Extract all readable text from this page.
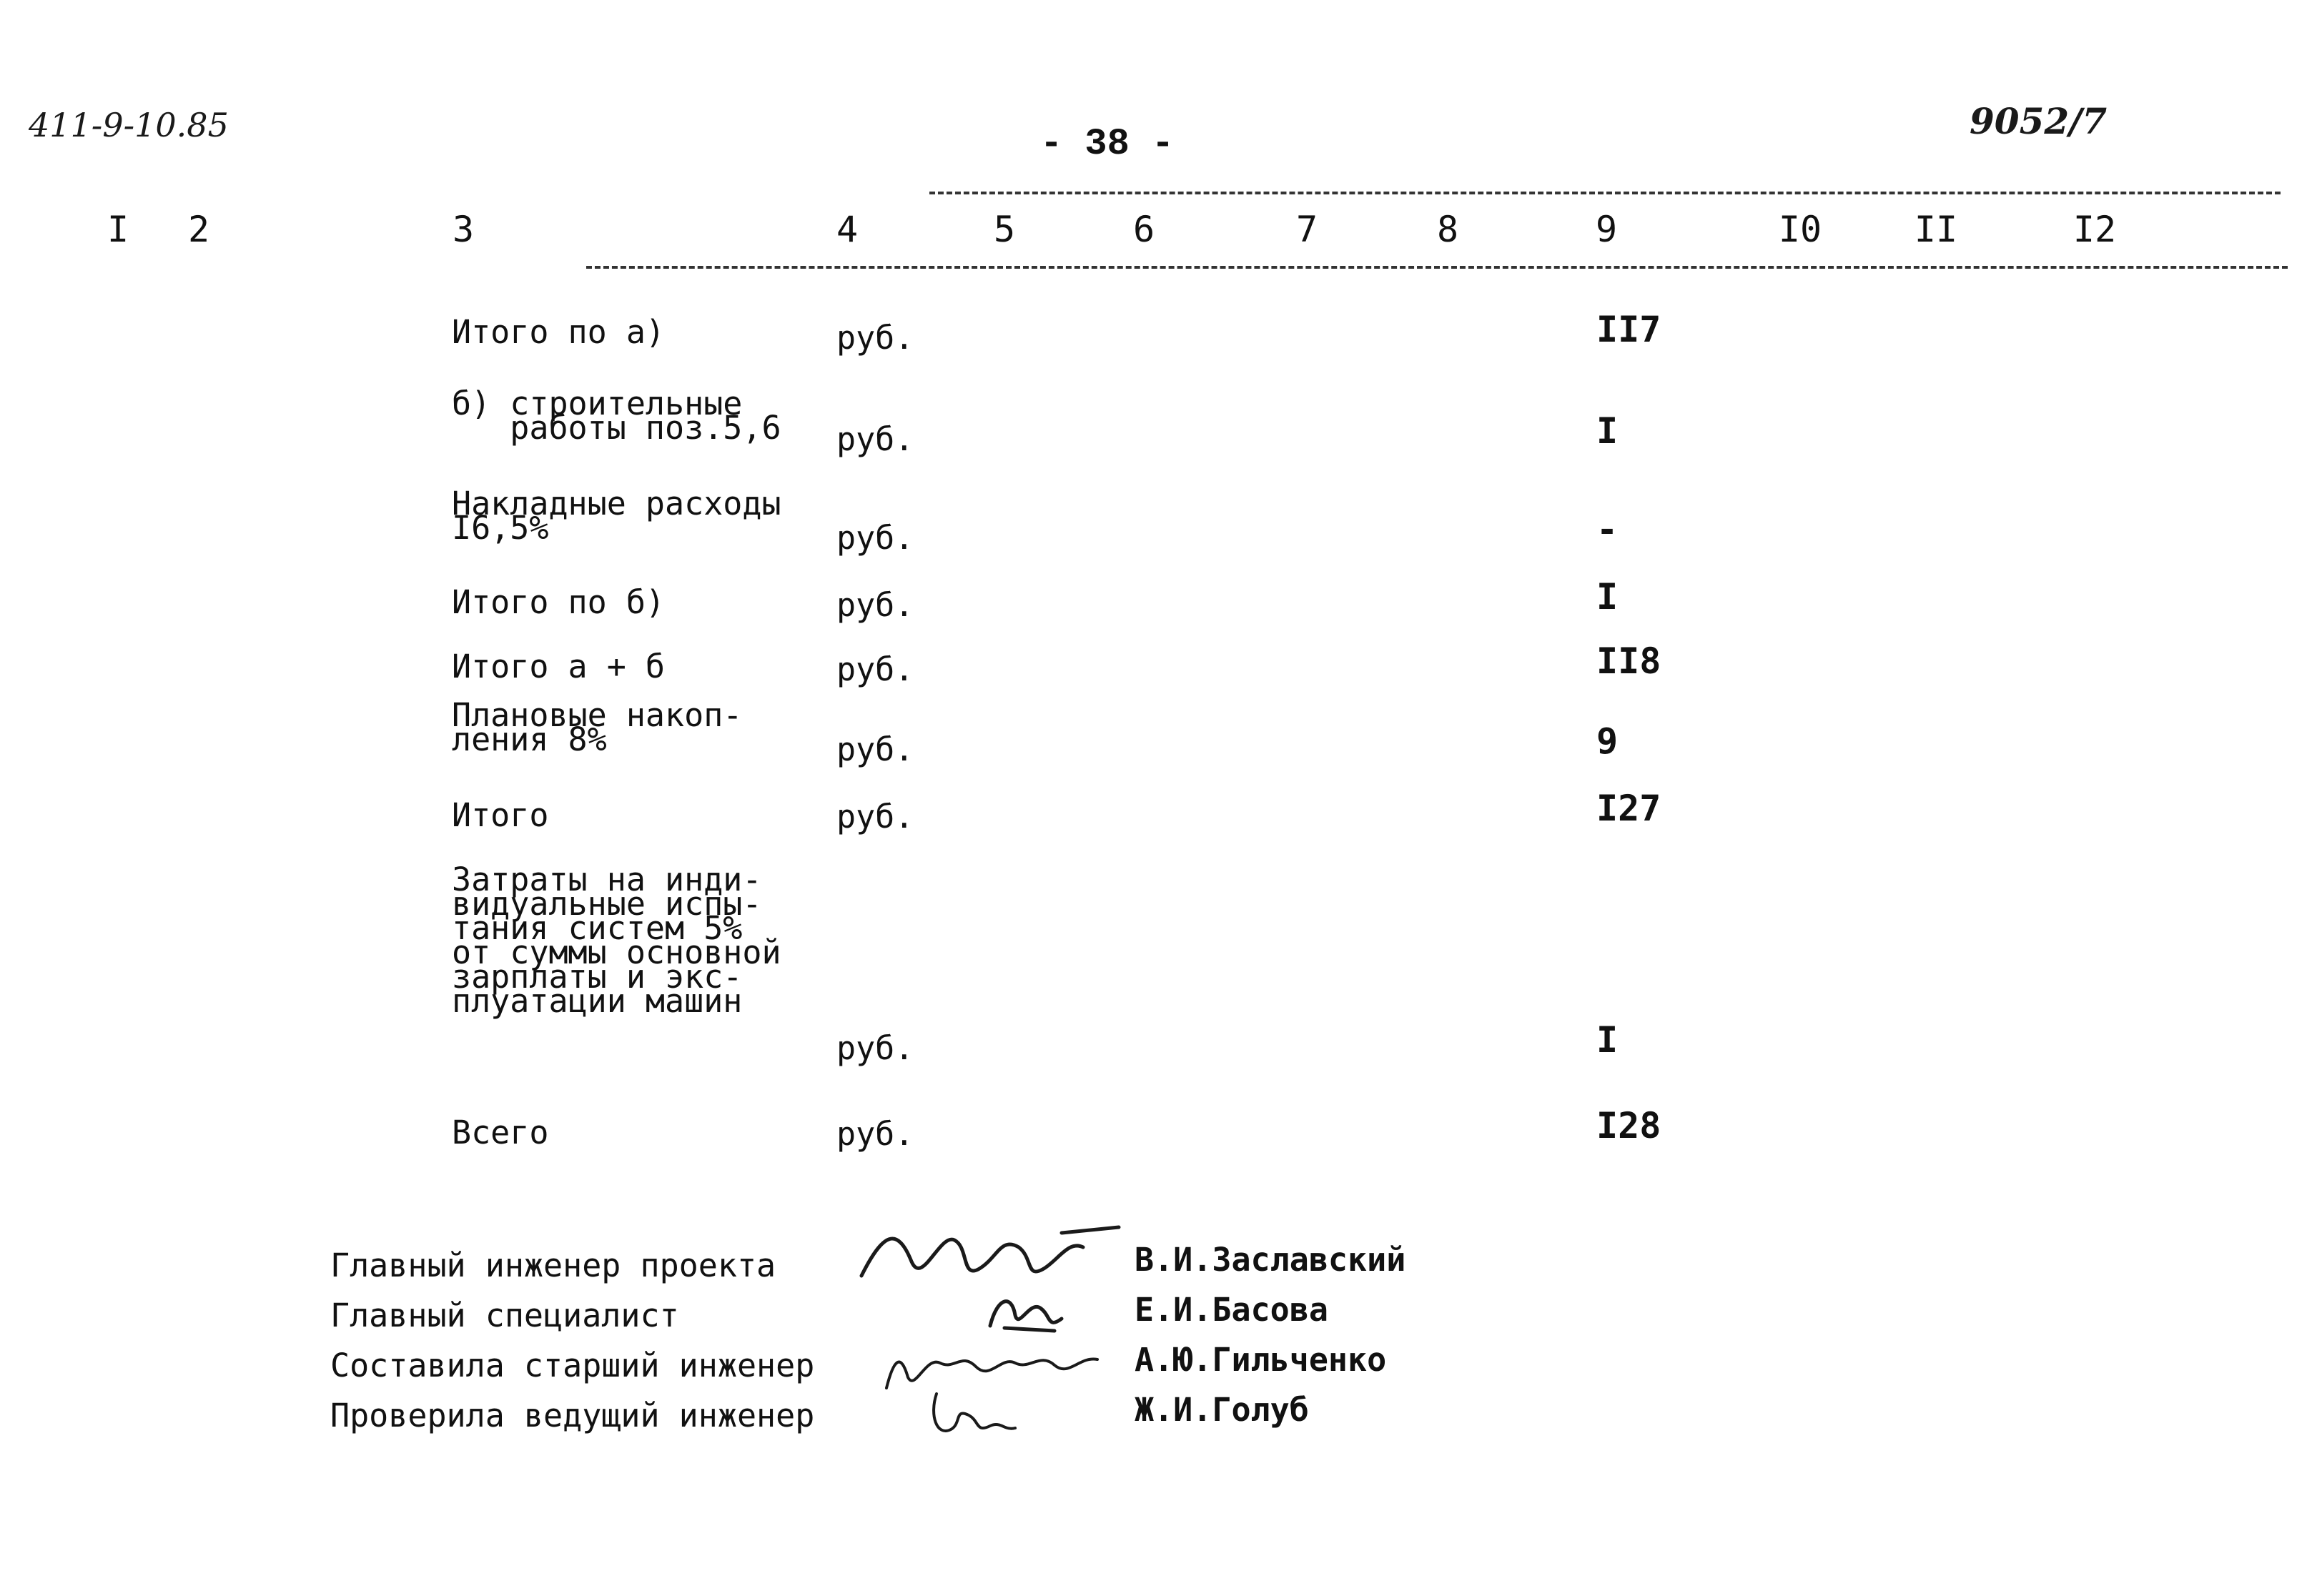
411-9-10.85	- 38 -
9052/7
I	2	3	4	5	6	7	8	9	I0	II	I2
Итого по а)	руб.	II7
б) строительные
работы поз.5,6 руб.	I
Накладные расходы
I6,5%	руб.	-
Итого по б)	руб.	I
Итого а + б	руб.	II8
Плановые накоп-
ления 8%	руб.	9
Итого	руб.	I27
Затраты на инди-
видуальные испы-
тания систем 5%
от суммы основной
зарплаты и экс-
плуатации машин
руб.	I
Всего	руб.	I28
Главный инженер проекта	В.И.Заславский
Главный специалист	Е.И.Басова
Составила старший инженер	А.Ю.Гильченко
Проверила ведущий инженер	Ж.И.Голуб
